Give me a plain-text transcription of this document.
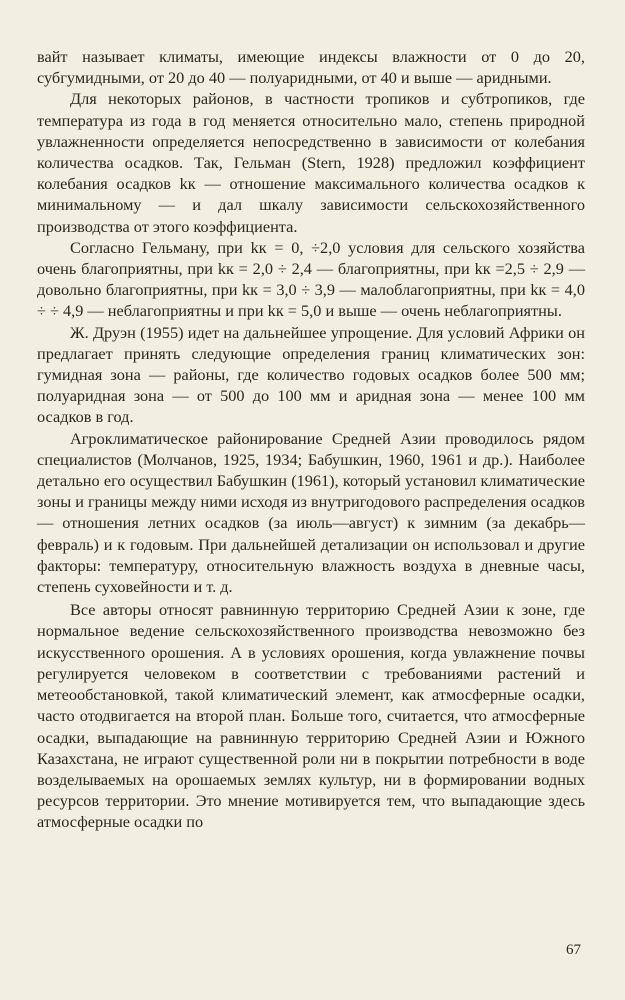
вайт называет климаты, имеющие индексы влажности от 0 до 20, субгумидными, от 20 до 40 — полуаридными, от 40 и выше — аридными.

Для некоторых районов, в частности тропиков и субтропиков, где температура из года в год меняется относительно мало, степень природной увлажненности определяется непосредственно в зависимости от колебания количества осадков. Так, Гельман (Stern, 1928) предложил коэффициент колебания осадков kк — отношение максимального количества осадков к минимальному — и дал шкалу зависимости сельскохозяйственного производства от этого коэффициента.

Согласно Гельману, при kк = 0, ÷2,0 условия для сельского хозяйства очень благоприятны, при kк = 2,0 ÷ 2,4 — благоприятны, при kк =2,5 ÷ 2,9 — довольно благоприятны, при kк = 3,0 ÷ 3,9 — малоблагоприятны, при kк = 4,0 ÷ ÷ 4,9 — неблагоприятны и при kк = 5,0 и выше — очень неблагоприятны.

Ж. Друэн (1955) идет на дальнейшее упрощение. Для условий Африки он предлагает принять следующие определения границ климатических зон: гумидная зона — районы, где количество годовых осадков более 500 мм; полуаридная зона — от 500 до 100 мм и аридная зона — менее 100 мм осадков в год.

Агроклиматическое районирование Средней Азии проводилось рядом специалистов (Молчанов, 1925, 1934; Бабушкин, 1960, 1961 и др.). Наиболее детально его осуществил Бабушкин (1961), который установил климатические зоны и границы между ними исходя из внутригодового распределения осадков — отношения летних осадков (за июль—август) к зимним (за декабрь—февраль) и к годовым. При дальнейшей детализации он использовал и другие факторы: температуру, относительную влажность воздуха в дневные часы, степень суховейности и т. д.

Все авторы относят равнинную территорию Средней Азии к зоне, где нормальное ведение сельскохозяйственного производства невозможно без искусственного орошения. А в условиях орошения, когда увлажнение почвы регулируется человеком в соответствии с требованиями растений и метеообстановкой, такой климатический элемент, как атмосферные осадки, часто отодвигается на второй план. Больше того, считается, что атмосферные осадки, выпадающие на равнинную территорию Средней Азии и Южного Казахстана, не играют существенной роли ни в покрытии потребности в воде возделываемых на орошаемых землях культур, ни в формировании водных ресурсов территории. Это мнение мотивируется тем, что выпадающие здесь атмосферные осадки по

67
